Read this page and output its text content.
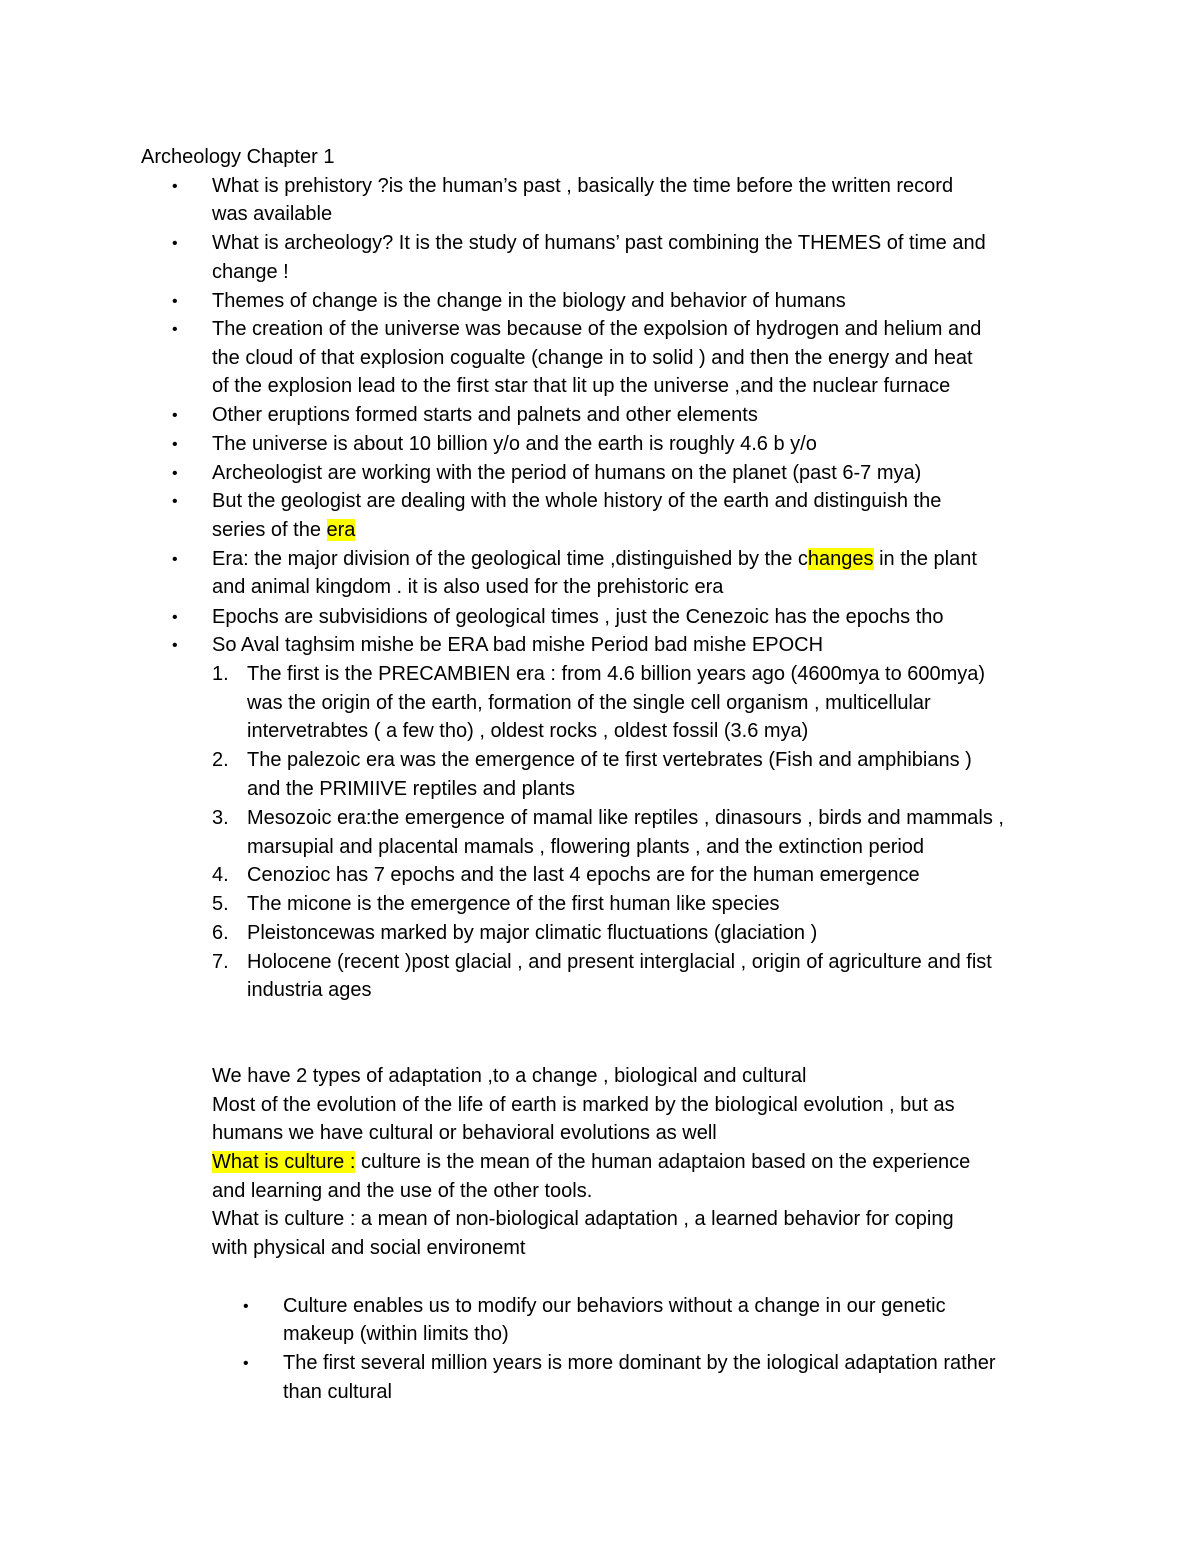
Archeology Chapter 1
• What is prehistory ?is the human’s past , basically the time before the written record
was available
• What is archeology? It is the study of humans’ past combining the THEMES of time and
change !
• Themes of change is the change in the biology and behavior of humans
• The creation of the universe was because of the expolsion of hydrogen and helium and
the cloud of that explosion cogualte (change in to solid ) and then the energy and heat
of the explosion lead to the first star that lit up the universe ,and the nuclear furnace
• Other eruptions formed starts and palnets and other elements
• The universe is about 10 billion y/o and the earth is roughly 4.6 b y/o
• Archeologist are working with the period of humans on the planet (past 6-7 mya)
• But the geologist are dealing with the whole history of the earth and distinguish the
series of the era
• Era: the major division of the geological time ,distinguished by the changes in the plant
and animal kingdom . it is also used for the prehistoric era
• Epochs are subvisidions of geological times , just the Cenezoic has the epochs tho
• So Aval taghsim mishe be ERA bad mishe Period bad mishe EPOCH
1. The first is the PRECAMBIEN era : from 4.6 billion years ago (4600mya to 600mya)
was the origin of the earth, formation of the single cell organism , multicellular
intervetrabtes ( a few tho) , oldest rocks , oldest fossil (3.6 mya)
2. The palezoic era was the emergence of te first vertebrates (Fish and amphibians )
and the PRIMIIVE reptiles and plants
3. Mesozoic era:the emergence of mamal like reptiles , dinasours , birds and mammals ,
marsupial and placental mamals , flowering plants , and the extinction period
4. Cenozioc has 7 epochs and the last 4 epochs are for the human emergence
5. The micone is the emergence of the first human like species
6. Pleistoncewas marked by major climatic fluctuations (glaciation )
7. Holocene (recent )post glacial , and present interglacial , origin of agriculture and fist
industria ages
We have 2 types of adaptation ,to a change , biological and cultural
Most of the evolution of the life of earth is marked by the biological evolution , but as
humans we have cultural or behavioral evolutions as well
What is culture : culture is the mean of the human adaptaion based on the experience
and learning and the use of the other tools.
What is culture : a mean of non-biological adaptation , a learned behavior for coping
with physical and social environemt
• Culture enables us to modify our behaviors without a change in our genetic
makeup (within limits tho)
• The first several million years is more dominant by the iological adaptation rather
than cultural
